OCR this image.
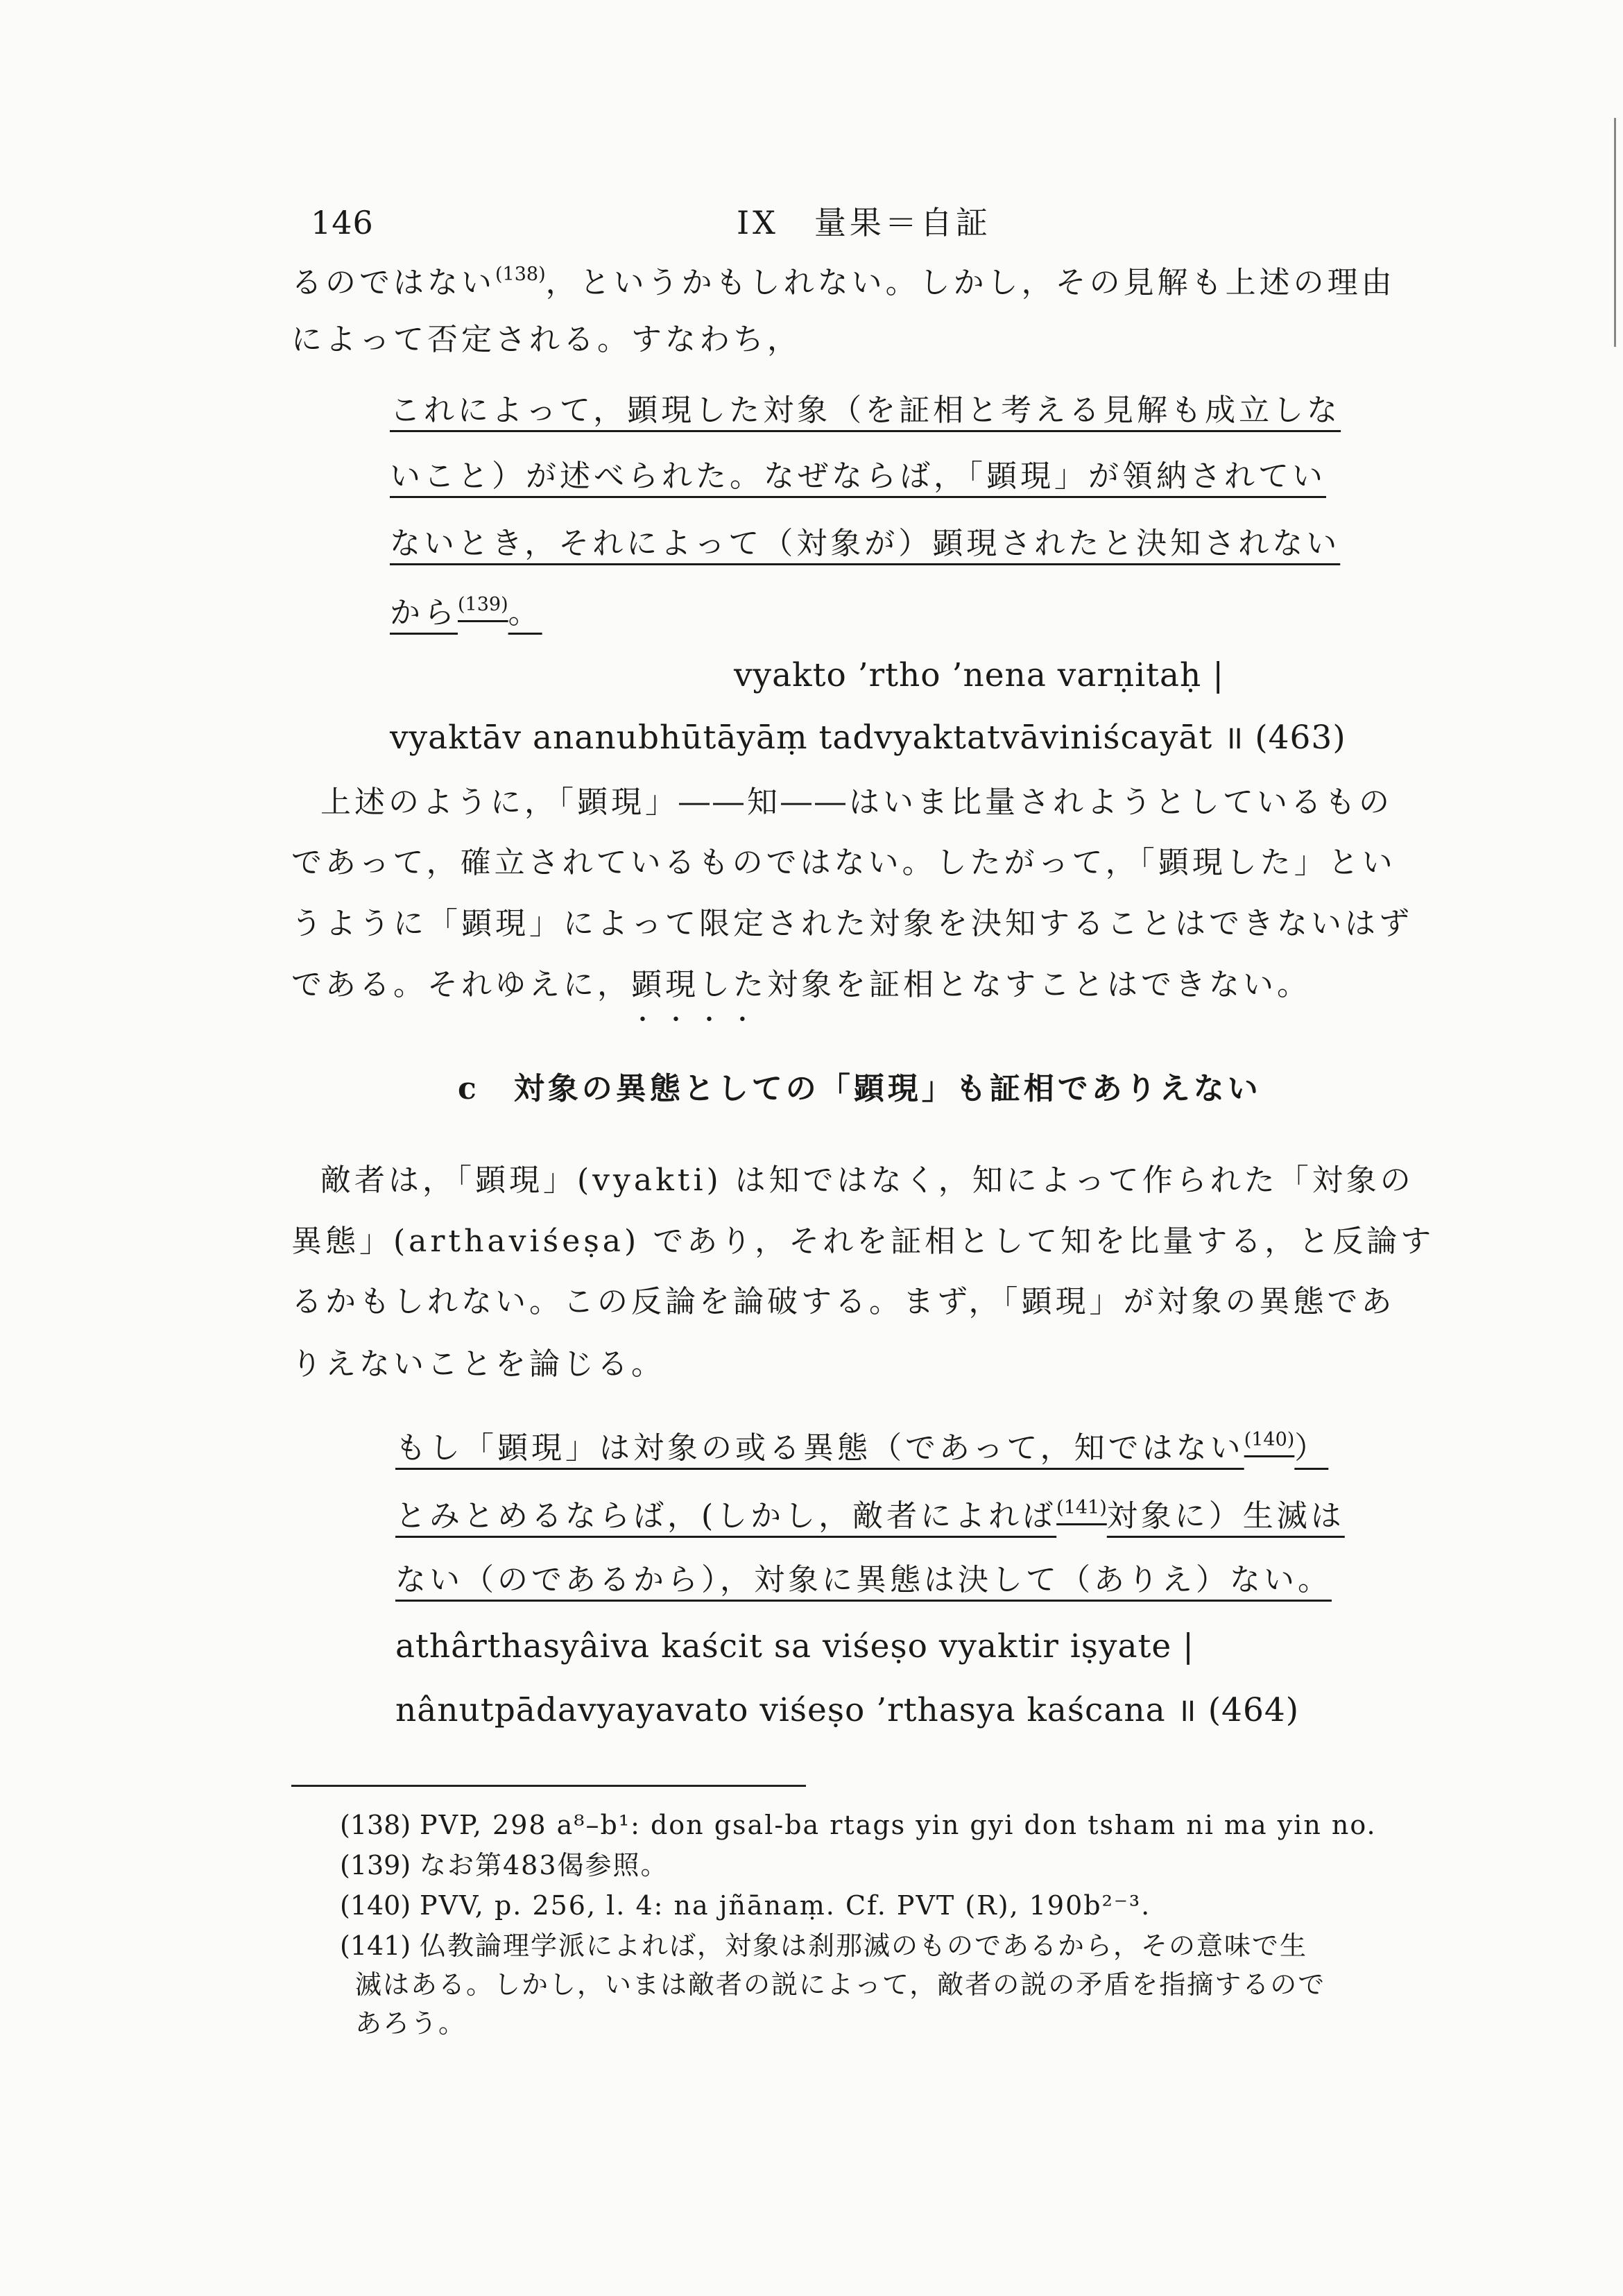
146	IX　量果＝自証
るのではない$^{(138)}$，というかもしれない。しかし，その見解も上述の理由
によって否定される。すなわち，
これによって，顕現した対象（を証相と考える見解も成立しな
いこと）が述べられた。なぜならば，「顕現」が領納されてい
ないとき，それによって（対象が）顕現されたと決知されない
から$^{(139)}$。
vyakto ’rtho ’nena varṇitaḥ |
vyaktāv ananubhūtāyāṃ tadvyaktatvāviniścayāt ॥ (463)
上述のように，「顕現」――知――はいま比量されようとしているもの
であって，確立されているものではない。したがって，「顕現した」とい
うように「顕現」によって限定された対象を決知することはできないはず
である。それゆえに，顕現した • • • •対象を証相となすことはできない。
c　対象の異態としての「顕現」も証相でありえない
敵者は，「顕現」(vyakti) は知ではなく，知によって作られた「対象の
異態」(arthaviśeṣa) であり，それを証相として知を比量する，と反論す
るかもしれない。この反論を論破する。まず，「顕現」が対象の異態であ
りえないことを論じる。
もし「顕現」は対象の或る異態（であって，知ではない$^{(140)}$）
とみとめるならば，(しかし，敵者によれば$^{(141)}$対象に）生滅は
ない（のであるから），対象に異態は決して（ありえ）ない。
athârthasyâiva kaścit sa viśeṣo vyaktir iṣyate |
nânutpādavyayavato viśeṣo ’rthasya kaścana ॥ (464)
(138) PVP, 298 a⁸–b¹: don gsal-ba rtags yin gyi don tsham ni ma yin no.
(139) なお第483偈参照。
(140) PVV, p. 256, l. 4: na jñānaṃ. Cf. PVT (R), 190b²⁻³.
(141) 仏教論理学派によれば，対象は刹那滅のものであるから，その意味で生
滅はある。しかし，いまは敵者の説によって，敵者の説の矛盾を指摘するので
あろう。
